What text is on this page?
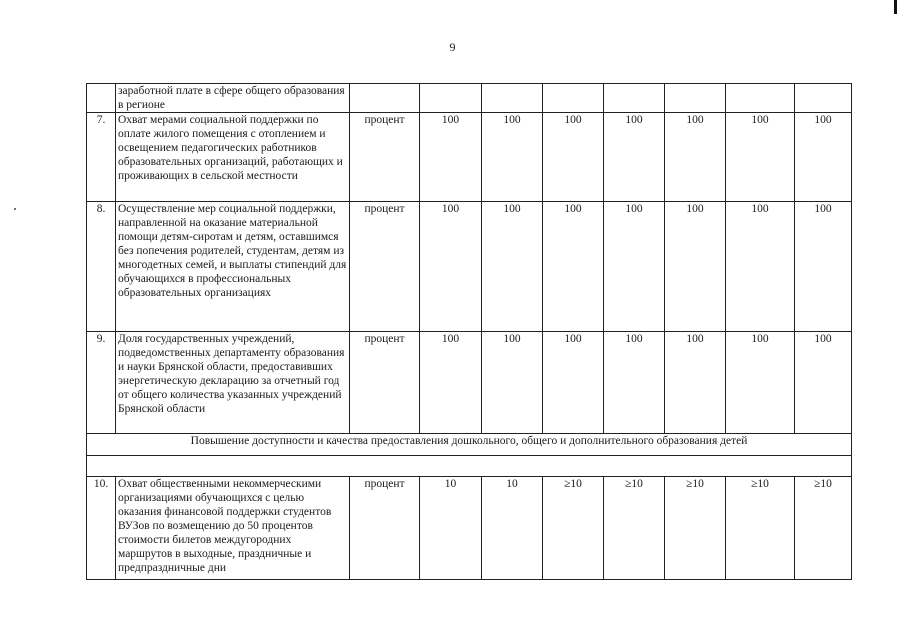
9
	заработной плате в сфере общего образования в регионе								
7.	Охват мерами социальной поддержки по оплате жилого помещения с отоплением и освещением педагогических работников образовательных организаций, работающих и проживающих в сельской местности	процент	100	100	100	100	100	100	100
8.	Осуществление мер социальной поддержки, направленной на оказание материальной помощи детям-сиротам и детям, оставшимся без попечения родителей, студентам, детям из многодетных семей, и выплаты стипендий для обучающихся в профессиональных образовательных организациях	процент	100	100	100	100	100	100	100
9.	Доля государственных учреждений, подведомственных департаменту образования и науки Брянской области, предоставивших энергетическую декларацию за отчетный год от общего количества указанных учреждений Брянской области	процент	100	100	100	100	100	100	100
Повышение доступности и качества предоставления дошкольного, общего и дополнительного образования детей									

10.	Охват общественными некоммерческими организациями обучающихся с целью оказания финансовой поддержки студентов ВУЗов по возмещению до 50 процентов стоимости билетов междугородних маршрутов в выходные, праздничные и предпраздничные дни	процент	10	10	≥10	≥10	≥10	≥10	≥10
